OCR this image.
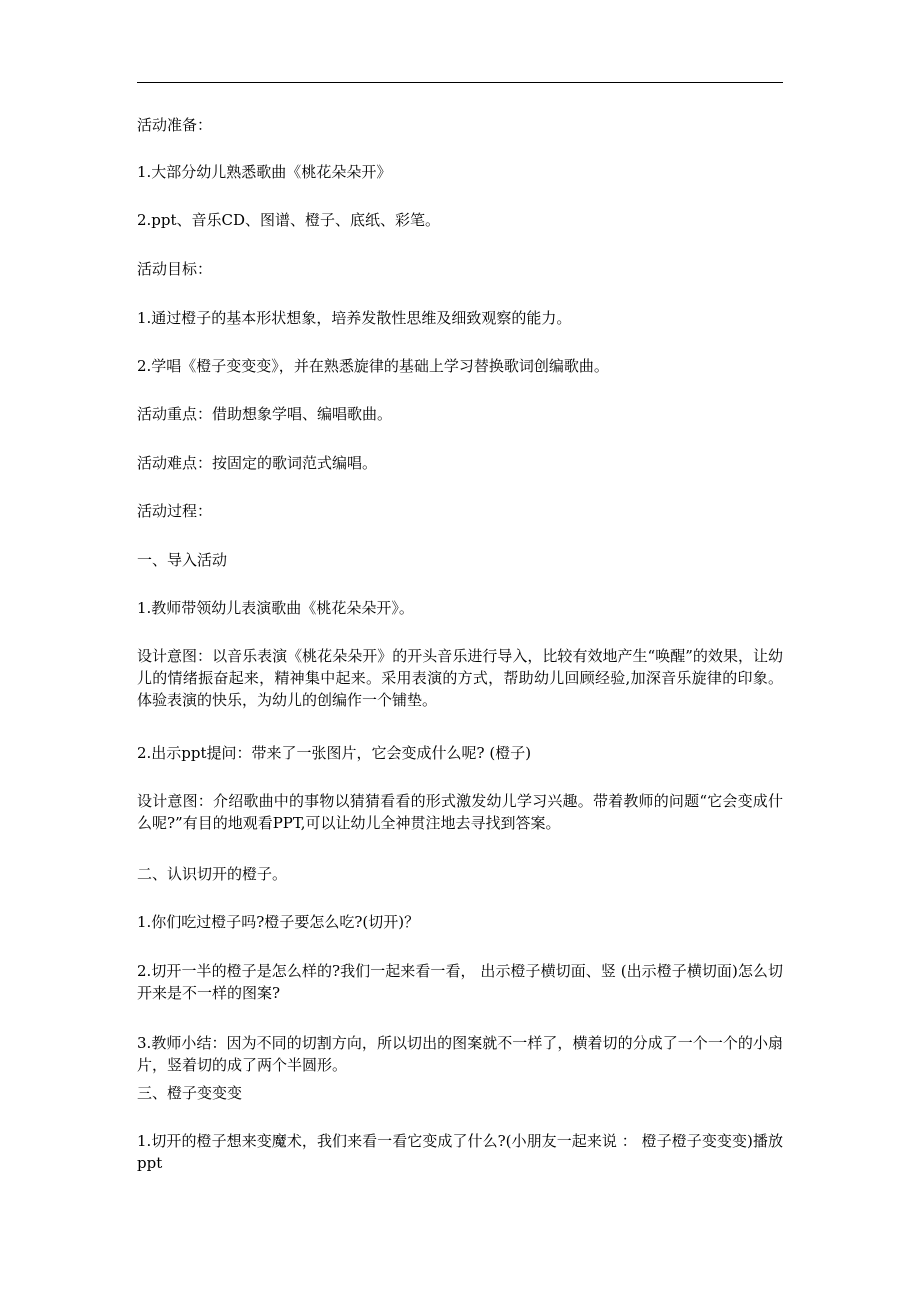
活动准备：
1.大部分幼儿熟悉歌曲《桃花朵朵开》
2.ppt、音乐CD、图谱、橙子、底纸、彩笔。
活动目标：
1.通过橙子的基本形状想象，培养发散性思维及细致观察的能力。
2.学唱《橙子变变变》，并在熟悉旋律的基础上学习替换歌词创编歌曲。
活动重点：借助想象学唱、编唱歌曲。
活动难点：按固定的歌词范式编唱。
活动过程：
一、导入活动
1.教师带领幼儿表演歌曲《桃花朵朵开》。
设计意图：以音乐表演《桃花朵朵开》的开头音乐进行导入，比较有效地产生“唤醒”的效果，让幼儿的情绪振奋起来，精神集中起来。采用表演的方式，帮助幼儿回顾经验,加深音乐旋律的印象。体验表演的快乐，为幼儿的创编作一个铺垫。
2.出示ppt提问：带来了一张图片，它会变成什么呢? (橙子)
设计意图：介绍歌曲中的事物以猜猜看看的形式激发幼儿学习兴趣。带着教师的问题“它会变成什么呢?”有目的地观看PPT,可以让幼儿全神贯注地去寻找到答案。
二、认识切开的橙子。
1.你们吃过橙子吗?橙子要怎么吃?(切开)？
2.切开一半的橙子是怎么样的?我们一起来看一看， 出示橙子横切面、竖 (出示橙子横切面)怎么切开来是不一样的图案?
3.教师小结：因为不同的切割方向，所以切出的图案就不一样了，横着切的分成了一个一个的小扇片，竖着切的成了两个半圆形。
三、橙子变变变
1.切开的橙子想来变魔术，我们来看一看它变成了什么?(小朋友一起来说 ： 橙子橙子变变变)播放ppt
